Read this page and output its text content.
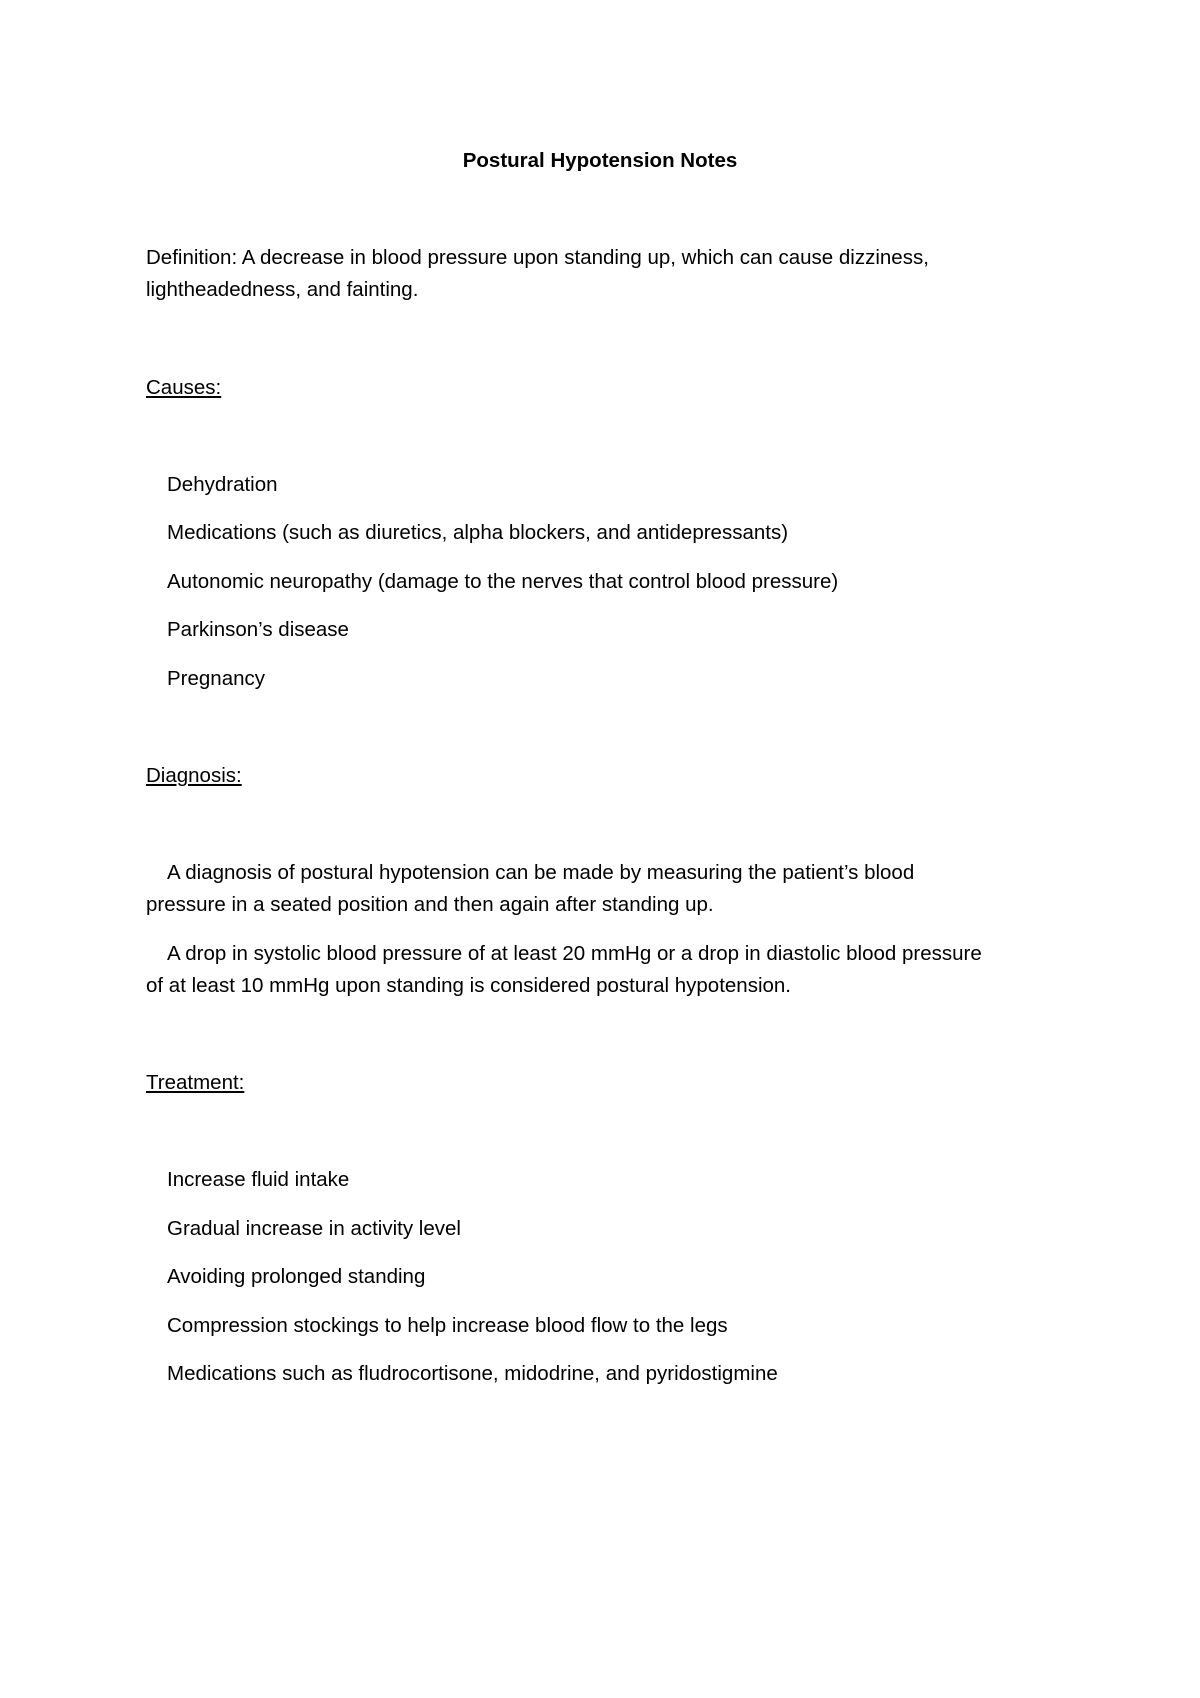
Postural Hypotension Notes

Definition: A decrease in blood pressure upon standing up, which can cause dizziness,

lightheadedness, and fainting.

Causes:

Dehydration

Medications (such as diuretics, alpha blockers, and antidepressants)

Autonomic neuropathy (damage to the nerves that control blood pressure)

Parkinson’s disease

Pregnancy

Diagnosis:

A diagnosis of postural hypotension can be made by measuring the patient’s blood

pressure in a seated position and then again after standing up.

A drop in systolic blood pressure of at least 20 mmHg or a drop in diastolic blood pressure

of at least 10 mmHg upon standing is considered postural hypotension.

Treatment:

Increase fluid intake

Gradual increase in activity level

Avoiding prolonged standing

Compression stockings to help increase blood flow to the legs

Medications such as fludrocortisone, midodrine, and pyridostigmine
